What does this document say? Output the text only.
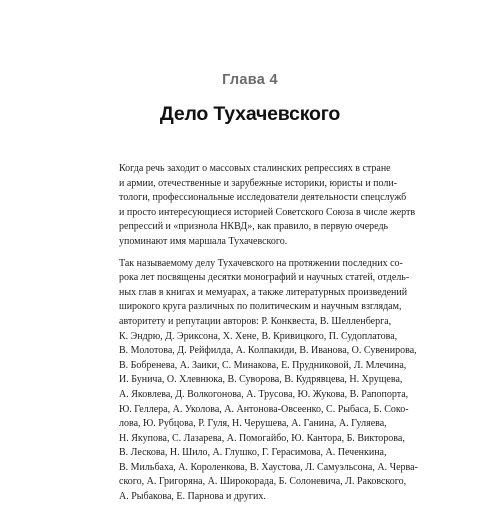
Глава 4
Дело Тухачевского
Когда речь заходит о массовых сталинских репрессиях в стране
и армии, отечественные и зарубежные историки, юристы и поли-
тологи, профессиональные исследователи деятельности спецслужб
и просто интересующиеся историей Советского Союза в числе жертв
репрессий и «признола НКВД», как правило, в первую очередь
упоминают имя маршала Тухачевского.
Так называемому делу Тухачевского на протяжении последних со-
рока лет посвящены десятки монографий и научных статей, отдель-
ных глав в книгах и мемуарах, а также литературных произведений
широкого круга различных по политическим и научным взглядам,
авторитету и репутации авторов: Р. Конквеста, В. Шелленберга,
К. Эндрю, Д. Эриксона, Х. Хене, В. Кривицкого, П. Судоплатова,
В. Молотова, Д. Рейфилда, А. Колпакиди, В. Иванова, О. Сувенирова,
В. Бобренева, А. Заики, С. Минакова, Е. Прудниковой, Л. Млечина,
И. Бунича, О. Хлевнюка, В. Суворова, В. Кудрявцева, Н. Хрущева,
А. Яковлева, Д. Волкогонова, А. Трусова, Ю. Жукова, В. Рапопорта,
Ю. Геллера, А. Уколова, А. Антонова-Овсеенко, С. Рыбаса, Б. Соко-
лова, Ю. Рубцова, Р. Гуля, Н. Черушева, А. Ганина, А. Гуляева,
Н. Якупова, С. Лазарева, А. Помогайбо, Ю. Кантора, Б. Викторова,
В. Лескова, Н. Шило, А. Глушко, Г. Герасимова, А. Печенкина,
В. Мильбаха, А. Короленкова, В. Хаустова, Л. Самуэльсона, А. Черва-
ского, А. Григоряна, А. Широкорада, Б. Солоневича, Л. Раковского,
А. Рыбакова, Е. Парнова и других.
